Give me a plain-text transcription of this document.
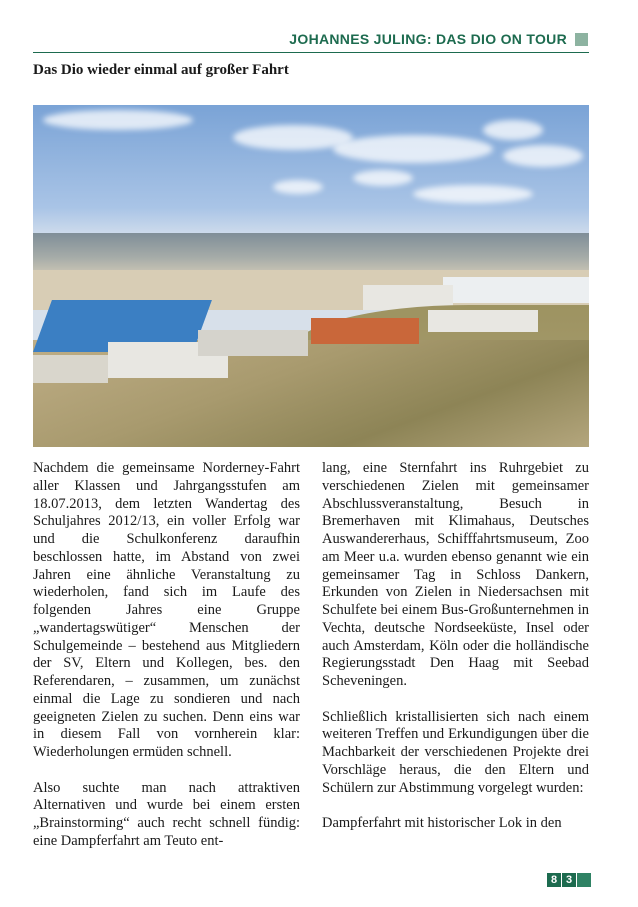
JOHANNES JULING: DAS DIO ON TOUR
Das Dio wieder einmal auf großer Fahrt

Nachdem die gemeinsame Norderney-Fahrt aller Klassen und Jahrgangsstufen am 18.07.2013, dem letzten Wandertag des Schuljahres 2012/13, ein voller Erfolg war und die Schulkonferenz daraufhin beschlossen hatte, im Abstand von zwei Jahren eine ähnliche Veranstaltung zu wiederholen, fand sich im Laufe des folgenden Jahres eine Gruppe „wandertagswütiger“ Menschen der Schulgemeinde – bestehend aus Mitgliedern der SV, Eltern und Kollegen, bes. den Referendaren, – zusammen, um zunächst einmal die Lage zu sondieren und nach geeigneten Zielen zu suchen. Denn eins war in diesem Fall von vornherein klar: Wiederholungen ermüden schnell.

Also suchte man nach attraktiven Alternativen und wurde bei einem ersten „Brainstorming“ auch recht schnell fündig: eine Dampferfahrt am Teuto ent-

lang, eine Sternfahrt ins Ruhrgebiet zu verschiedenen Zielen mit gemeinsamer Abschlussveranstaltung, Besuch in Bremerhaven mit Klimahaus, Deutsches Auswandererhaus, Schifffahrtsmuseum, Zoo am Meer u.a. wurden ebenso genannt wie ein gemeinsamer Tag in Schloss Dankern, Erkunden von Zielen in Niedersachsen mit Schulfete bei einem Bus-Großunternehmen in Vechta, deutsche Nordseeküste, Insel oder auch Amsterdam, Köln oder die holländische Regierungsstadt Den Haag mit Seebad Scheveningen.

Schließlich kristallisierten sich nach einem weiteren Treffen und Erkundigungen über die Machbarkeit der verschiedenen Projekte drei Vorschläge heraus, die den Eltern und Schülern zur Abstimmung vorgelegt wurden:

Dampferfahrt mit historischer Lok in den

8 3
